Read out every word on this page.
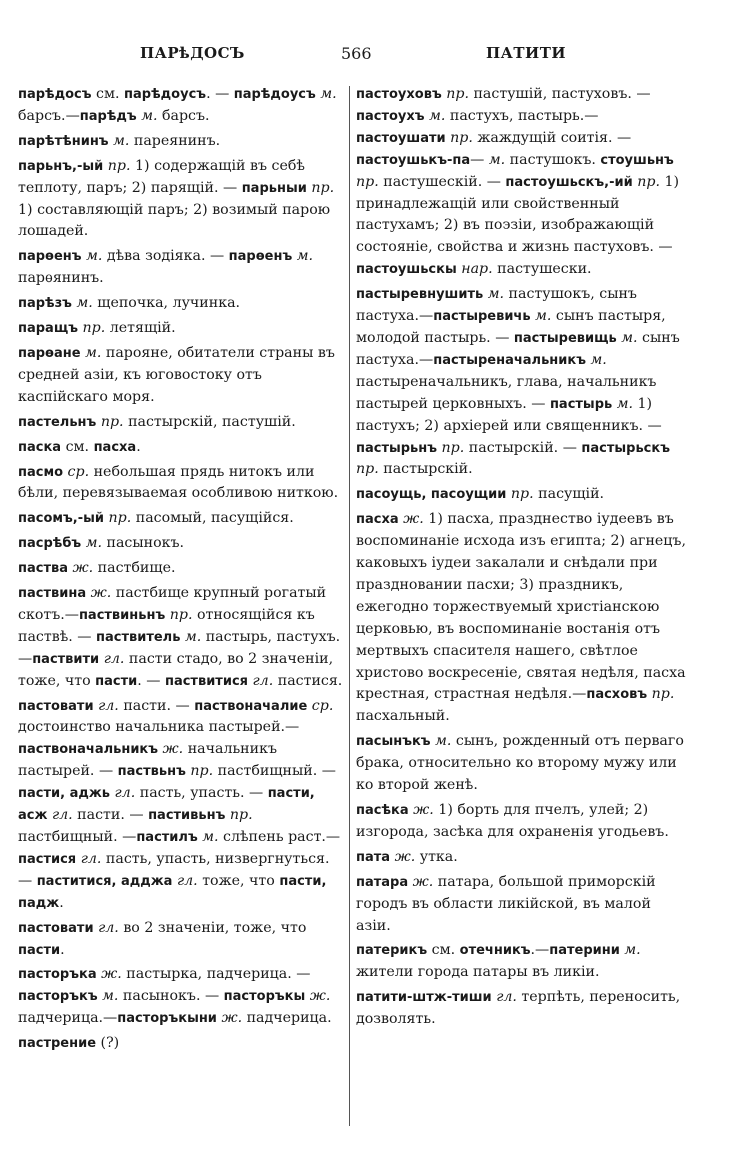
ПАРѣДОСЪ	566	ПАТИТИ

парѣдосъ см. парѣдоусъ. — парѣдоусъ м. барсъ.—парѣдъ м. барсъ.

парѣтѣнинъ м. пареянинъ.

парьнъ,-ый пр. 1) содержащій въ себѣ теплоту, паръ; 2) парящій. — парьныи пр. 1) составляющій паръ; 2) возимый парою лошадей.

парѳенъ м. дѣва зодіяка. — парѳенъ м. парѳянинъ.

парѣзъ м. щепочка, лучинка.

паращъ пр. летящій.

парѳане м. пароянe, обитатели страны въ средней азіи, къ юговостоку отъ каспійскаго моря.

пастельнъ пр. пастырскій, пастушій.

паска см. пасха.

пасмо ср. небольшая прядь нитокъ или бѣли, перевязываемая особливою ниткою.

пасомъ,-ый пр. пасомый, пасущійся.

пасрѣбъ м. пасынокъ.

паства ж. пастбище.

паствина ж. пастбище крупный рогатый скотъ.—паствиньнъ пр. относящійся къ паствѣ. — паствитель м. пастырь, пастухъ.—паствити гл. пасти стадо, во 2 значеніи, тоже, что пасти. — паствитися гл. пастися.

пастовати гл. пасти. — паствоначалие ср. достоинство начальника пастырей.— паствоначальникъ ж. начальникъ пастырей. — паствьнъ пр. пастбищный. — пасти, аджь гл. пасть, упасть. — пасти, асж гл. пасти. — пастивьнъ пр. пастбищный. —пастилъ м. слѣпень раст.—пастися гл. пасть, упасть, низвергнуться. — паститися, адджа гл. тоже, что пасти, падж.

пастовати гл. во 2 значеніи, тоже, что пасти.

пасторъка ж. пастырка, падчерица. — пасторъкъ м. пасынокъ. — пасторъкы ж. падчерица.—пасторъкыни ж. падчерица.

пастрение (?)

пастоуховъ пр. пастушій, пастуховъ. —пастоухъ м. пастухъ, пастырь.— пастоушати пр. жаждущій соитія. — пастоушькъ-пa— м. пастушокъ. стоушьнъ пр. пастушескій. — пастоушьскъ,-ий пр. 1) принадлежащій или свойственный пастухамъ; 2) въ поэзіи, изображающій состояніе, свойства и жизнь пастуховъ. —пастоушьскы нар. пастушески.

пастыревнушить м. пастушокъ, сынъ пастуха.—пастыревичь м. сынъ пастыря, молодой пастырь. — пастыревищь м. сынъ пастуха.—пастыреначальникъ м. пастыреначальникъ, глава, начальникъ пастырей церковныхъ. — пастырь м. 1) пастухъ; 2) архіерей или священникъ. —пастырьнъ пр. пастырскій. — пастырьскъ пр. пастырскій.

пасоущь, пасоущии пр. пасущій.

пасха ж. 1) пасха, празднество іудеевъ въ воспоминаніе исхода изъ египта; 2) агнецъ, каковыхъ іудеи закалали и снѣдали при праздновании пасхи; 3) праздникъ, ежегодно торжествуемый христіанскою церковью, въ воспоминаніе востанія отъ мертвыхъ спасителя нашего, свѣтлое христово воскресеніе, святая недѣля, пасха крестная, страстная недѣля.—пасховъ пр. пасхальный.

пасынъкъ м. сынъ, рожденный отъ перваго брака, относительно ко второму мужу или ко второй женѣ.

пасѣка ж. 1) борть для пчелъ, улей; 2) изгорода, засѣка для охраненія угодьевъ.

пата ж. утка.

патара ж. патара, большой приморскій городъ въ области ликійской, въ малой азіи.

патерикъ см. отечникъ.—патерини м. жители города патары въ ликіи.

патити-штж-тиши гл. терпѣть, переносить, дозволять.
